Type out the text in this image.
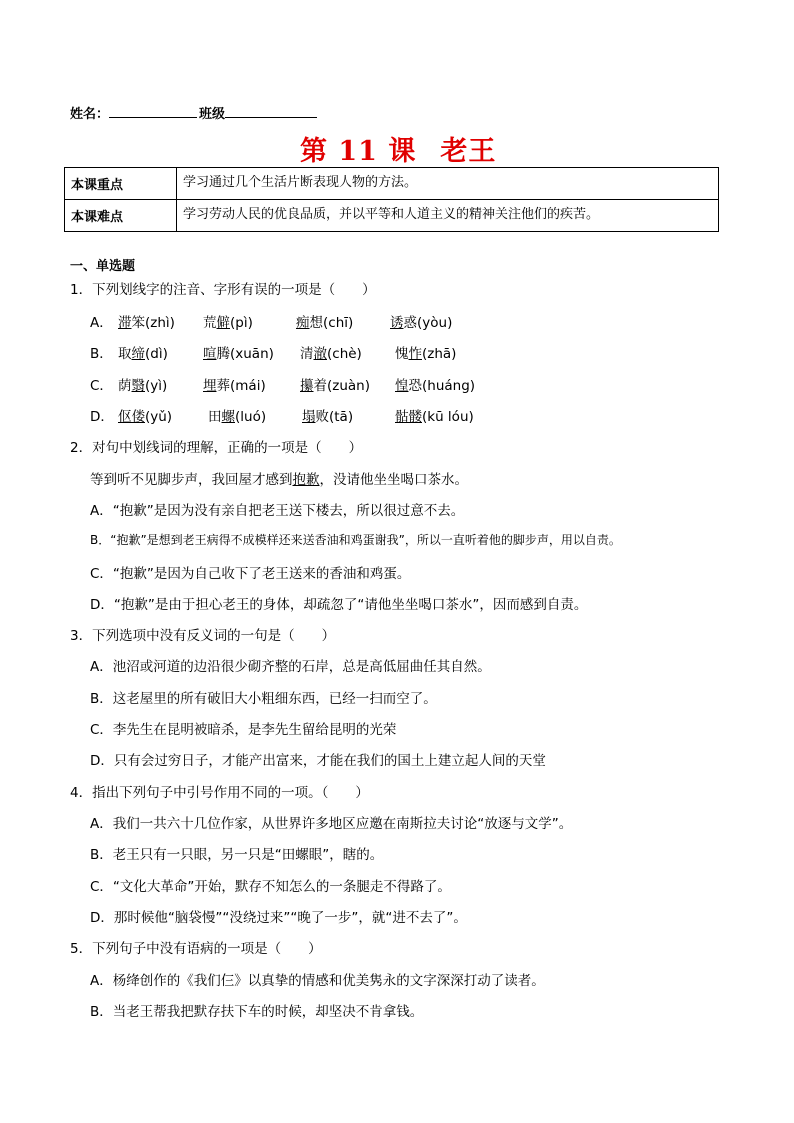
姓名：	班级
第 11 课 老王
本课重点	学习通过几个生活片断表现人物的方法。
本课难点	学习劳动人民的优良品质，并以平等和人道主义的精神关注他们的疾苦。
一、单选题
1．下列划线字的注音、字形有误的一项是（　　）
A． 滞笨(zhì) 荒僻(pì)	痴想(chī)	诱惑(yòu)
B． 取缔(dì)	喧腾(xuān) 清澈(chè) 愧怍(zhā)
C． 荫翳(yì)	埋葬(mái)	攥着(zuàn) 惶恐(huáng)
D． 伛偻(yǔ)	田螺(luó)	塌败(tā)	骷髅(kū lóu)
2．对句中划线词的理解，正确的一项是（　　）
等到听不见脚步声，我回屋才感到抱歉，没请他坐坐喝口茶水。
A．“抱歉”是因为没有亲自把老王送下楼去，所以很过意不去。
B．“抱歉”是想到老王病得不成模样还来送香油和鸡蛋谢我”，所以一直听着他的脚步声，用以自责。
C．“抱歉”是因为自己收下了老王送来的香油和鸡蛋。
D．“抱歉”是由于担心老王的身体，却疏忽了“请他坐坐喝口茶水”，因而感到自责。
3．下列选项中没有反义词的一句是（　　）
A．池沼或河道的边沿很少砌齐整的石岸，总是高低屈曲任其自然。
B．这老屋里的所有破旧大小粗细东西，已经一扫而空了。
C．李先生在昆明被暗杀，是李先生留给昆明的光荣
D．只有会过穷日子，才能产出富来，才能在我们的国土上建立起人间的天堂
4．指出下列句子中引号作用不同的一项。（　　）
A．我们一共六十几位作家，从世界许多地区应邀在南斯拉夫讨论“放逐与文学”。
B．老王只有一只眼，另一只是“田螺眼”，瞎的。
C．“文化大革命”开始，默存不知怎么的一条腿走不得路了。
D．那时候他“脑袋慢”“没绕过来”“晚了一步”，就“进不去了”。
5．下列句子中没有语病的一项是（　　）
A．杨绛创作的《我们仨》以真挚的情感和优美隽永的文字深深打动了读者。
B．当老王帮我把默存扶下车的时候，却坚决不肯拿钱。
